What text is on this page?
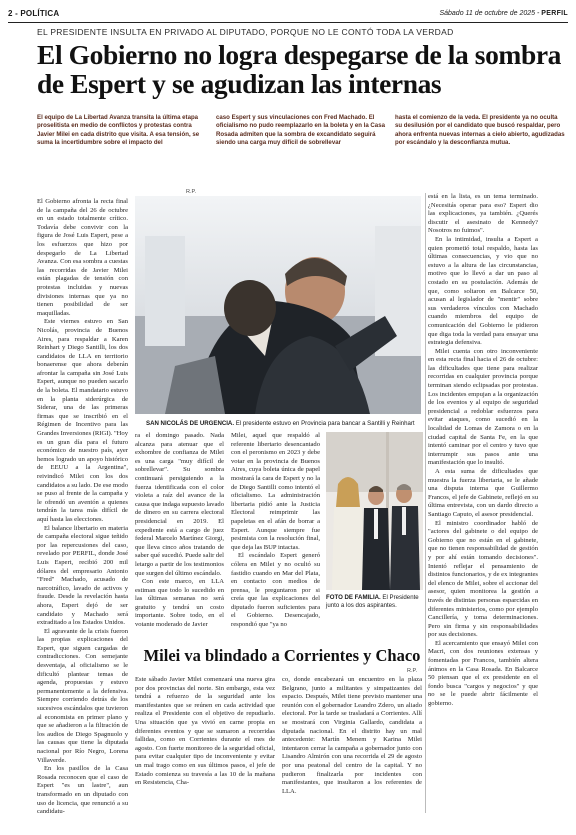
2 - POLÍTICA	Sábado 11 de octubre de 2025 - PERFIL
EL PRESIDENTE INSULTA EN PRIVADO AL DIPUTADO, PORQUE NO LE CONTÓ TODA LA VERDAD
El Gobierno no logra despegarse de la sombra de Espert y se agudizan las internas
El equipo de La Libertad Avanza transita la última etapa proselitista en medio de conflictos y protestas contra Javier Milei en cada distrito que visita. A esa tensión, se suma la incertidumbre sobre el impacto del
caso Espert y sus vinculaciones con Fred Machado. El oficialismo no pudo reemplazarlo en la boleta y en la Casa Rosada admiten que la sombra de excandidato seguirá siendo una carga muy difícil de sobrellevar
hasta el comienzo de la veda. El presidente ya no oculta su desilusión por el candidato que buscó respaldar, pero ahora enfrenta nuevas internas a cielo abierto, agudizadas por escándalo y la desconfianza mutua.
R.P.

El Gobierno afronta la recta final de la campaña del 26 de octubre en un estado totalmente crítico. Todavía debe convivir con la figura de José Luis Espert, pese a los esfuerzos que hizo por despegarlo de La Libertad Avanza. Con esa sombra a cuestas las recorridas de Javier Milei están plagadas de tensión con protestas incluidas y nuevas divisiones internas que ya no tienen posibilidad de ser maquilladas.

Este viernes estuvo en San Nicolás, provincia de Buenos Aires, para respaldar a Karen Reinhart y Diego Santilli, los dos candidatos de LLA en territorio bonaerense que ahora deberán afrontar la campaña sin José Luis Espert, aunque no pueden sacarlo de la boleta. El mandatario estuvo en la planta siderúrgica de Siderar, una de las primeras firmas que se inscribió en el Régimen de Incentivo para las Grandes Inversiones (RIGI). "Hoy es un gran día para el futuro económico de nuestro país, ayer hemos logrado un apoyo histórico de EEUU a la Argentina", reivindicó Milei con los dos candidatos a su lado. De ese modo se puso al frente de la campaña y le ofrendó un aventón a quienes tendrán la tarea más difícil de aquí hasta las elecciones.

El balance libertario en materia de campaña electoral sigue teñido por las repercusiones del caso, revelado por PERFIL, donde José Luis Espert, recibió 200 mil dólares del empresario Antonio "Fred" Machado, acusado de narcotráfico, lavado de activos y fraude. Desde la revelación hasta ahora, Espert dejó de ser candidato y Machado será extraditado a los Estados Unidos.

El agravante de la crisis fueron las propias explicaciones del Espert, que siguen cargadas de contradicciones. Con semejante desventaja, al oficialismo se le dificultó plantear temas de agenda, propuestas y estuvo permanentemente a la defensiva. Siempre corriendo detrás de los sucesivos escándalos que tuvieron al economista en primer plano y que se añadieron a la filtración de los audios de Diego Spagnuolo y las causas que tiene la diputada nacional por Río Negro, Lorena Villaverde.

En los pasillos de la Casa Rosada reconocen que el caso de Espert "es un lastre", aun transformado en un diputado con uso de licencia, que renunció a su candidatu-

SAN NICOLÁS DE URGENCIA. El presidente estuvo en Provincia para bancar a Santilli y Reinhart

ra el domingo pasado. Nada alcanza para atenuar que el exhombre de confianza de Milei es una carga "muy difícil de sobrellevar". Su sombra continuará persiguiendo a la fuerza identificada con el color violeta a raíz del avance de la causa que indaga supuesto lavado de dinero en su carrera electoral presidencial en 2019. El expediente está a cargo de juez federal Marcelo Martínez Giorgi, que lleva cinco años tratando de saber qué sucedió. Puede salir del letargo a partir de los testimonios que surgen del último escándalo.

Con este marco, en LLA estiman que todo lo sucedido en las últimas semanas no será gratuito y tendrá un costo importante. Sobre todo, en el votante moderado de Javier

Milei, aquel que respaldó al referente libertario desencantado con el peronismo en 2023 y debe votar en la provincia de Buenos Aires, cuya boleta única de papel mostrará la cara de Espert y no la de Diego Santilli como intentó el oficialismo. La administración libertaria pidió ante la Justicia Electoral reimprimir las papeletas en el afán de borrar a Espert. Aunque siempre fue pesimista con la resolución final, que deja las BUP intactas.

El escándalo Espert generó cólera en Milei y no ocultó su fastidio cuando en Mar del Plata, en contacto con medios de prensa, le preguntaron por si creía que las explicaciones del diputado fueron suficientes para el Gobierno. Desencajado, respondió que "ya no

FOTO DE FAMILIA. El Presidente junto a los dos aspirantes.

está en la lista, es un tema terminado. ¿Necesitás operar para eso? Espert dio las explicaciones, ya también. ¿Querés discutir el asesinato de Kennedy? Nosotros no fuimos".

En la intimidad, insulta a Espert a quien prometió total respaldo, hasta las últimas consecuencias, y vio que no estuvo a la altura de las circunstancias, motivo que lo llevó a dar un paso al costado en su postulación. Además de que, como soltaron en Balcarce 50, acusan al legislador de "mentir" sobre sus verdaderos vínculos con Machado cuando miembros del equipo de comunicación del Gobierno le pidieron que diga toda la verdad para ensayar una estrategia defensiva.

Milei cuenta con otro inconveniente en esta recta final hacia el 26 de octubre: las dificultades que tiene para realizar recorridas en cualquier provincia porque terminan siendo eclipsadas por protestas. Los incidentes empujan a la organización de los eventos y al equipo de seguridad presidencial a redoblar esfuerzos para evitar ataques, como sucedió en la localidad de Lomas de Zamora o en la ciudad capital de Santa Fe, en la que intentó caminar por el centro y tuvo que interrumpir sus pasos ante una manifestación que lo insultó.

A esta suma de dificultades que muestra la fuerza libertaria, se le añade una disputa interna que Guillermo Francos, el jefe de Gabinete, reflejó en su última entrevista, con un dardo directo a Santiago Caputo, el asesor presidencial.

El ministro coordinador habló de "actores del gabinete o del equipo de Gobierno que no están en el gabinete, que no tienen responsabilidad de gestión y por ahí están tomando decisiones". Intentó reflejar el pensamiento de distintos funcionarios, y de ex integrantes del elenco de Milei, sobre el accionar del asesor, quien monitorea la gestión a través de distintas personas esparcidas en diferentes ministerios, como por ejemplo Cancillería, y toma determinaciones. Pero sin firma y sin responsabilidades por sus decisiones.

El acercamiento que ensayó Milei con Macri, con dos reuniones extensas y fomentadas por Francos, también altera ánimos en la Casa Rosada. En Balcarce 50 piensan que el ex presidente en el fondo busca "cargos y negocios" y que no se le puede abrir fácilmente el gobierno.

Milei va blindado a Corrientes y Chaco
R.P.

Este sábado Javier Milei comenzará una nueva gira por dos provincias del norte. Sin embargo, esta vez tendrá a refuerzo de la seguridad ante los manifestantes que se reúnen en cada actividad que realiza el Presidente con el objetivo de repudiarlo. Una situación que ya vivió en carne propia en diferentes eventos y que se sumaron a recorridas fallidas, como en Corrientes durante el mes de agosto. Con fuerte monitoreo de la seguridad oficial, para evitar cualquier tipo de inconveniente y evitar un mal trago como en sus últimos pasos, el jefe de Estado comienza su travesía a las 10 de la mañana en Resistencia, Cha-

co, donde encabezará un encuentro en la plaza Belgrano, junto a militantes y simpatizantes del espacio. Después, Milei tiene previsto mantener una reunión con el gobernador Leandro Zdero, un aliado electoral. Por la tarde se trasladará a Corrientes. Allí se mostrará con Virginia Gallardo, candidata a diputada nacional. En el distrito hay un mal antecedente: Martín Menem y Karina Milei intentaron cerrar la campaña a gobernador junto con Lisandro Almirón con una recorrida el 29 de agosto por una peatonal del centro de la capital. Y no pudieron finalizarla por incidentes con manifestantes, que insultaron a los referentes de LLA.
